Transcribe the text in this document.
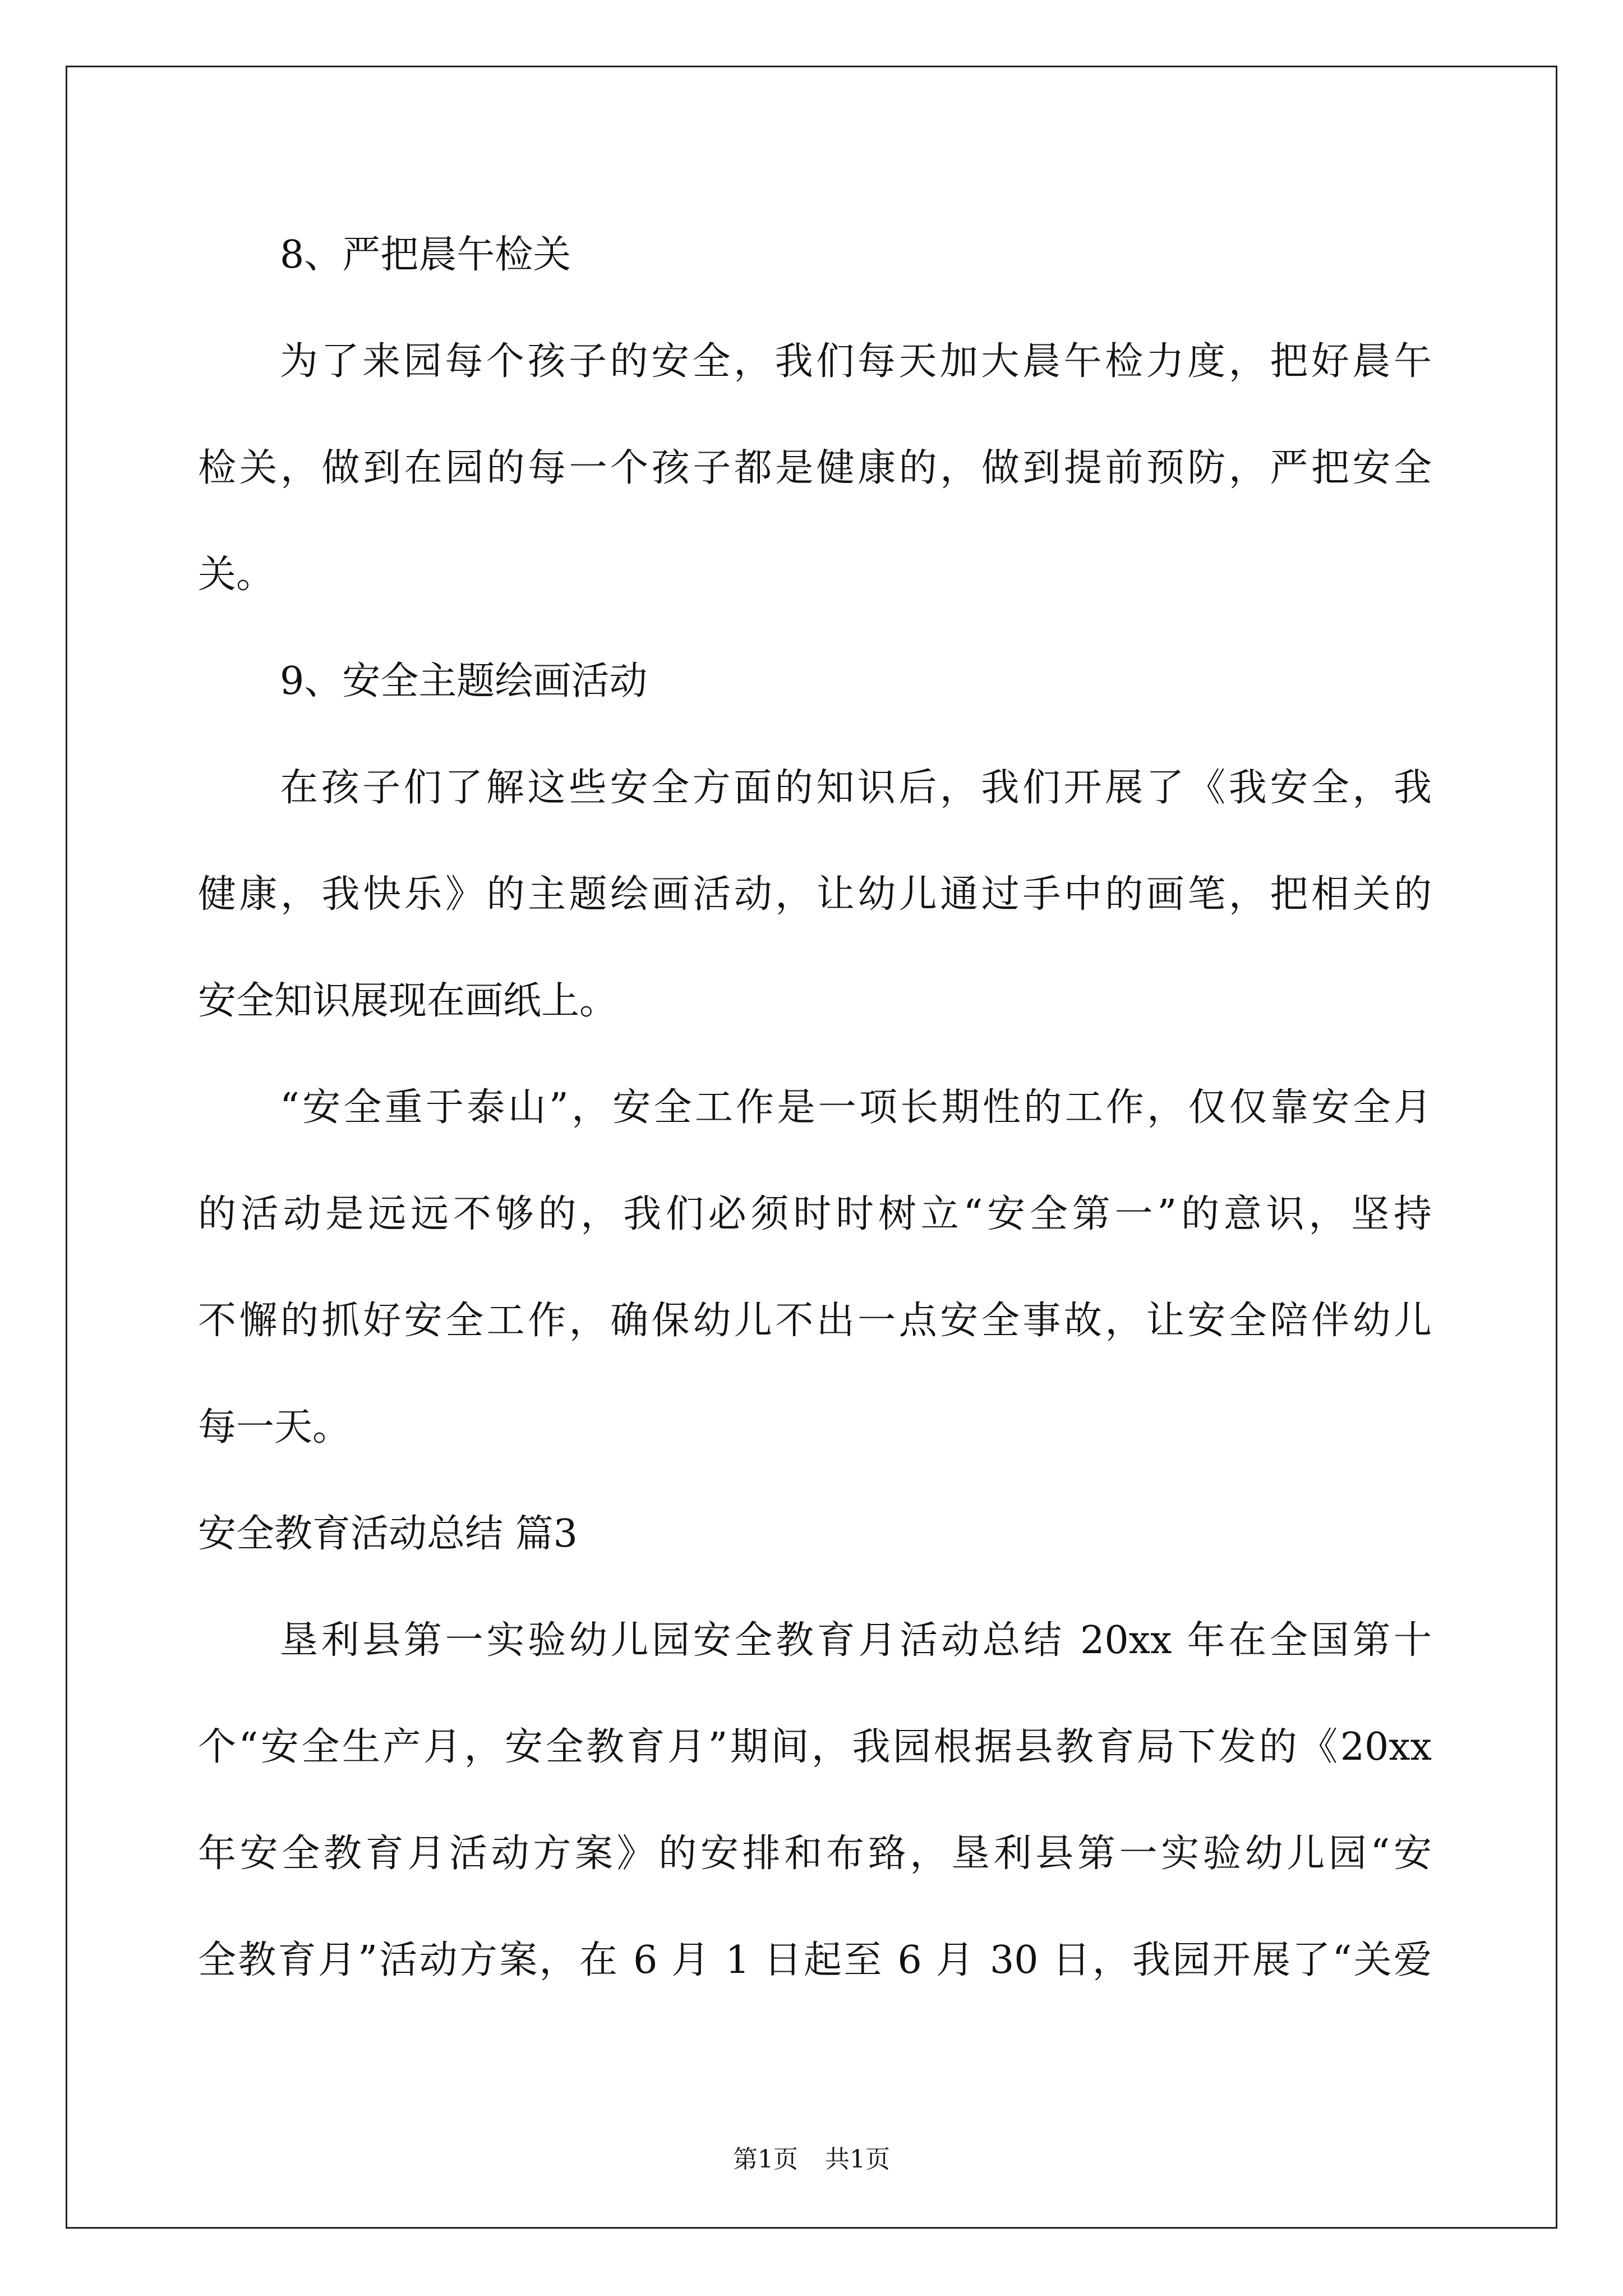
8、严把晨午检关
为了来园每个孩子的安全，我们每天加大晨午检力度，把好晨午
检关，做到在园的每一个孩子都是健康的，做到提前预防，严把安全
关。
9、安全主题绘画活动
在孩子们了解这些安全方面的知识后，我们开展了《我安全，我
健康，我快乐》的主题绘画活动，让幼儿通过手中的画笔，把相关的
安全知识展现在画纸上。
“安全重于泰山”，安全工作是一项长期性的工作，仅仅靠安全月
的活动是远远不够的，我们必须时时树立“安全第一”的意识，坚持
不懈的抓好安全工作，确保幼儿不出一点安全事故，让安全陪伴幼儿
每一天。
安全教育活动总结 篇3
垦利县第一实验幼儿园安全教育月活动总结 20xx 年在全国第十
个“安全生产月，安全教育月”期间，我园根据县教育局下发的《20xx
年安全教育月活动方案》的安排和布臵，垦利县第一实验幼儿园“安
全教育月”活动方案，在 6 月 1 日起至 6 月 30 日，我园开展了“关爱
第1页 共1页
